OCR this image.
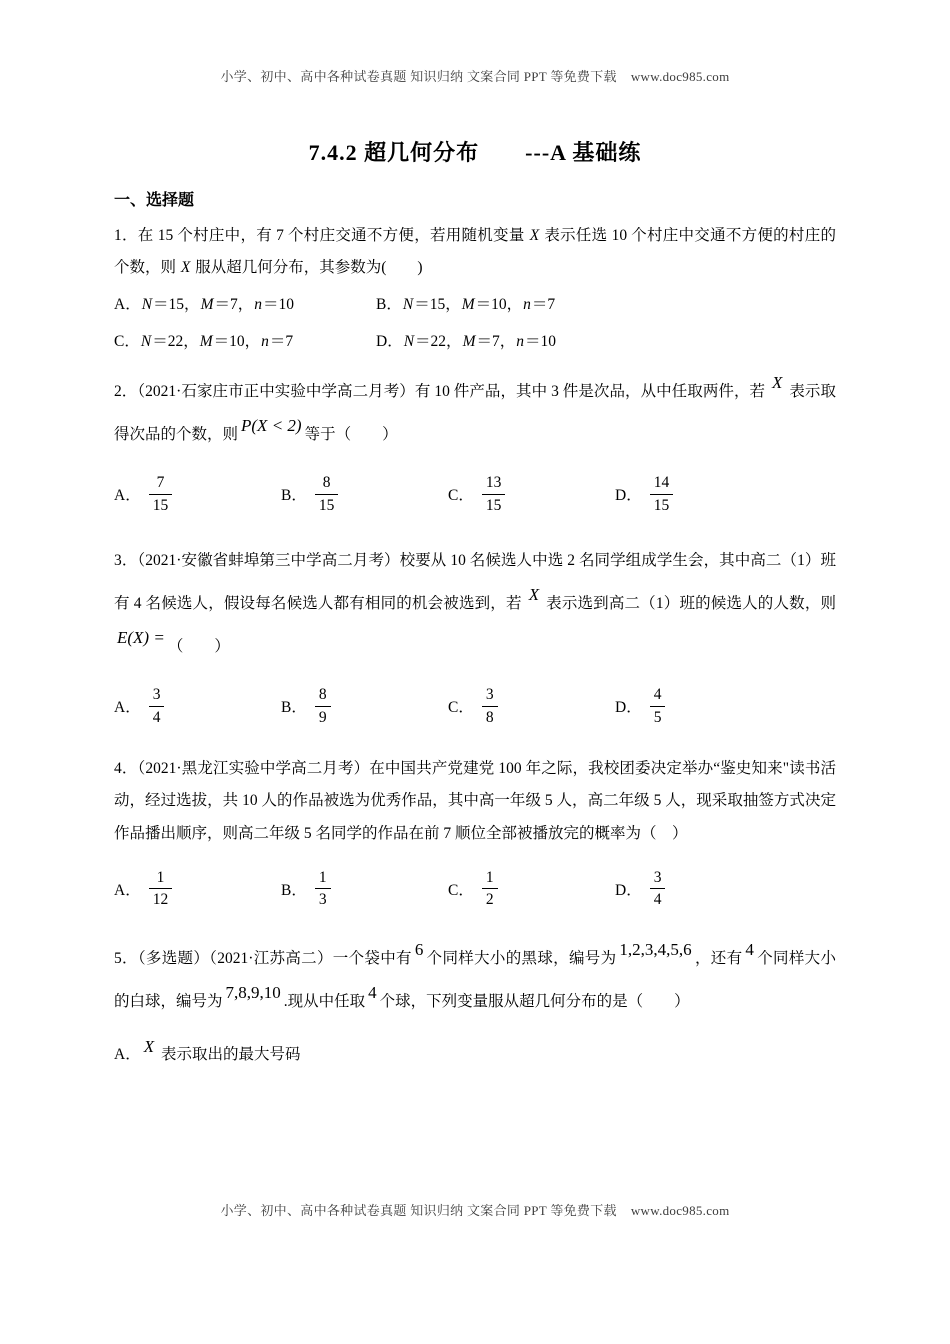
小学、初中、高中各种试卷真题 知识归纳 文案合同 PPT 等免费下载 www.doc985.com
7.4.2 超几何分布　　---A 基础练
一、选择题

1．在 15 个村庄中，有 7 个村庄交通不方便，若用随机变量 X 表示任选 10 个村庄中交通不方便的村庄的个数，则 X 服从超几何分布，其参数为(　　)

A．N＝15，M＝7，n＝10	B．N＝15，M＝10，n＝7
C．N＝22，M＝10，n＝7	D．N＝22，M＝7，n＝10

2．（2021·石家庄市正中实验中学高二月考）有 10 件产品，其中 3 件是次品，从中任取两件，若 X 表示取得次品的个数，则 P(X < 2) 等于（　　）

A． $\frac{7}{15}$	B． $\frac{8}{15}$	C． $\frac{13}{15}$	D． $\frac{14}{15}$

3．（2021·安徽省蚌埠第三中学高二月考）校要从 10 名候选人中选 2 名同学组成学生会，其中高二（1）班有 4 名候选人，假设每名候选人都有相同的机会被选到，若 X 表示选到高二（1）班的候选人的人数，则E(X) = （　　）

A． $\frac{3}{4}$	B． $\frac{8}{9}$	C． $\frac{3}{8}$	D． $\frac{4}{5}$

4．（2021·黑龙江实验中学高二月考）在中国共产党建党 100 年之际，我校团委决定举办“鉴史知来"读书活动，经过选拔，共 10 人的作品被选为优秀作品，其中高一年级 5 人，高二年级 5 人，现采取抽签方式决定作品播出顺序，则高二年级 5 名同学的作品在前 7 顺位全部被播放完的概率为（　）

A． $\frac{1}{12}$	B． $\frac{1}{3}$	C． $\frac{1}{2}$	D． $\frac{3}{4}$

5．（多选题）（2021·江苏高二）一个袋中有 6 个同样大小的黑球，编号为 1,2,3,4,5,6 ，还有 4 个同样大小的白球，编号为 7,8,9,10 .现从中任取 4 个球，下列变量服从超几何分布的是（　　）

A． X 表示取出的最大号码

小学、初中、高中各种试卷真题 知识归纳 文案合同 PPT 等免费下载 www.doc985.com
